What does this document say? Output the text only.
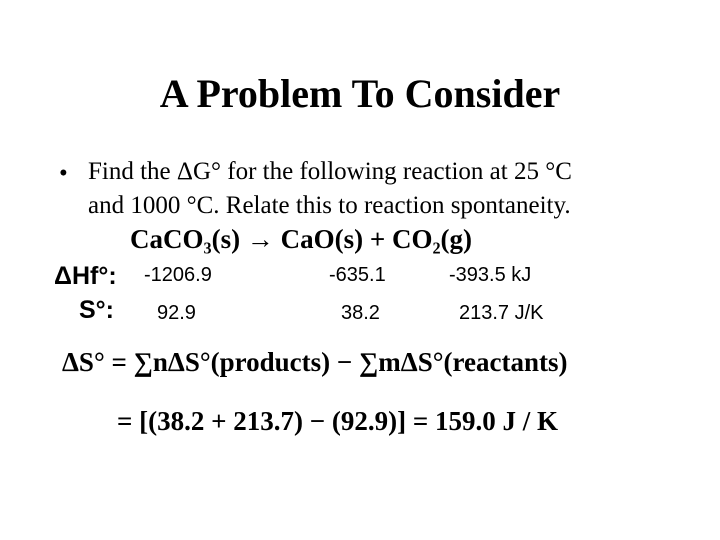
A Problem To Consider
• Find the ΔG° for the following reaction at 25 °C
and 1000 °C. Relate this to reaction spontaneity.
CaCO₃(s) → CaO(s) + CO₂(g)
ΔHf°: -1206.9	-635.1	-393.5 kJ
S°: 92.9	38.2	213.7 J/K
ΔS° = ∑nΔS°(products) − ∑mΔS°(reactants)
= [(38.2 + 213.7) − (92.9)] = 159.0 J / K
